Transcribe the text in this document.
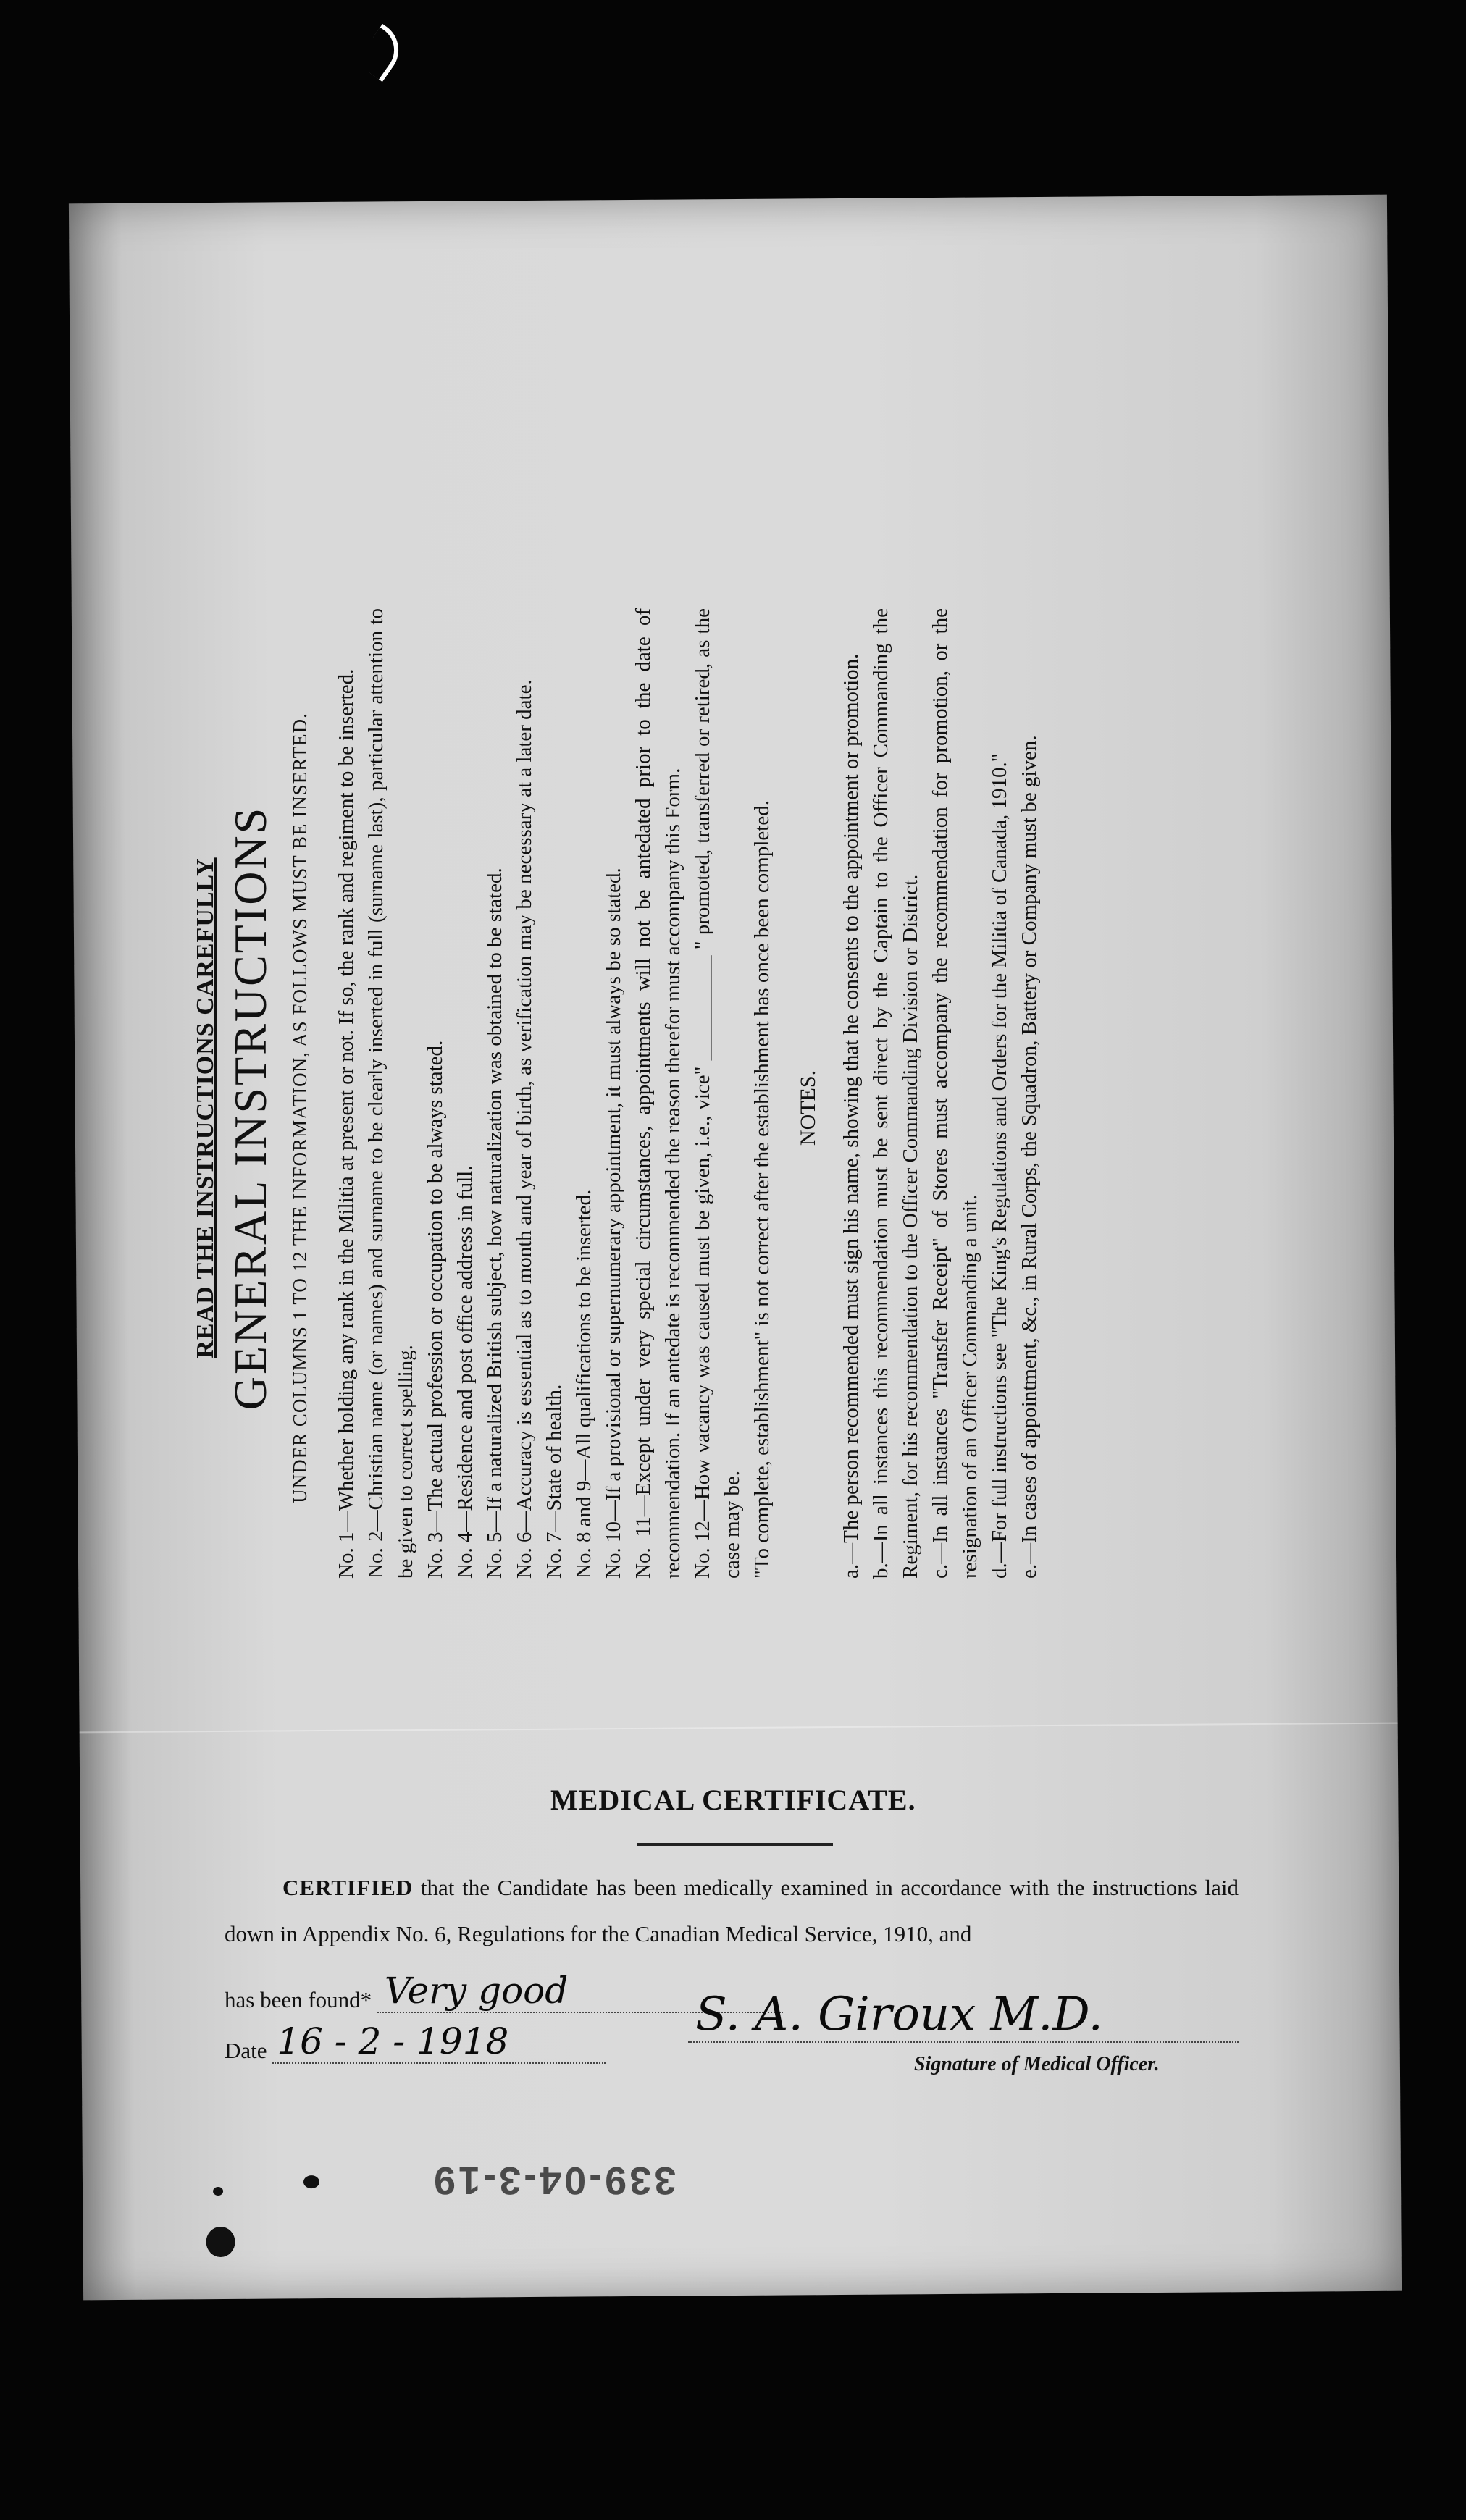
READ THE INSTRUCTIONS CAREFULLY GENERAL INSTRUCTIONS UNDER COLUMNS 1 TO 12 THE INFORMATION, AS FOLLOWS MUST BE INSERTED. No. 1—Whether holding any rank in the Militia at present or not. If so, the rank and regiment to be inserted. No. 2—Christian name (or names) and surname to be clearly inserted in full (surname last), particular attention to be given to correct spelling. No. 3—The actual profession or occupation to be always stated. No. 4—Residence and post office address in full. No. 5—If a naturalized British subject, how naturalization was obtained to be stated. No. 6—Accuracy is essential as to month and year of birth, as verification may be necessary at a later date. No. 7—State of health. No. 8 and 9—All qualifications to be inserted. No. 10—If a provisional or supernumerary appointment, it must always be so stated. No. 11—Except under very special circumstances, appointments will not be antedated prior to the date of recommendation. If an antedate is recommended the reason therefor must accompany this Form. No. 12—How vacancy was caused must be given, i.e., vice" __________ " promoted, transferred or retired, as the case may be. "To complete, establishment" is not correct after the establishment has once been completed. NOTES. a.—The person recommended must sign his name, showing that he consents to the appointment or promotion. b.—In all instances this recommendation must be sent direct by the Captain to the Officer Commanding the Regiment, for his recommendation to the Officer Commanding Division or District. c.—In all instances "Transfer Receipt" of Stores must accompany the recommendation for promotion, or the resignation of an Officer Commanding a unit. d.—For full instructions see "The King's Regulations and Orders for the Militia of Canada, 1910." e.—In cases of appointment, &c., in Rural Corps, the Squadron, Battery or Company must be given.

MEDICAL CERTIFICATE.
CERTIFIED that the Candidate has been medically examined in accordance with the instructions laid down in Appendix No. 6, Regulations for the Canadian Medical Service, 1910, and
has been found* Very good
Date 16 - 2 - 1918	S. A. Giroux M.D.
Signature of Medical Officer.
339-04-3-19
